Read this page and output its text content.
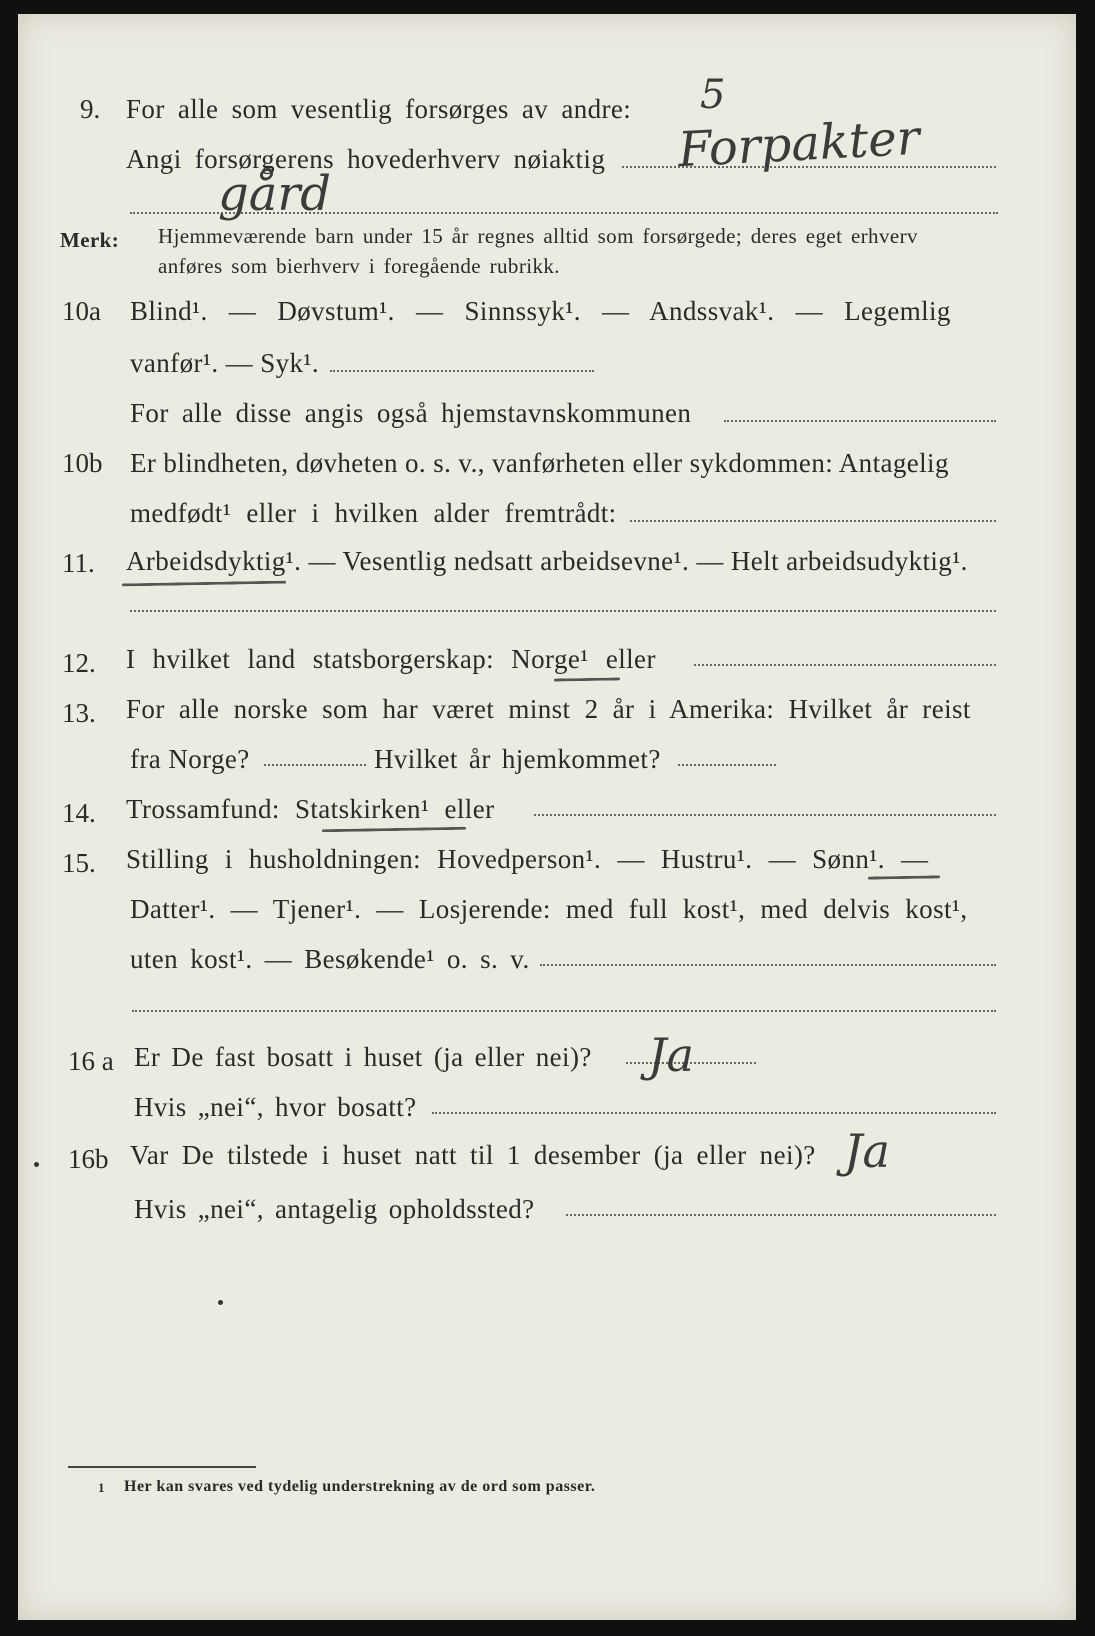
9. For alle som vesentlig forsørges av andre: 5
Angi forsørgerens hovederhverv nøiaktig Forpakter
gård
Merk: Hjemmeværende barn under 15 år regnes alltid som forsørgede; deres eget erhverv
anføres som bierhverv i foregående rubrikk.
10a Blind¹. — Døvstum¹. — Sinnssyk¹. — Andssvak¹. — Legemlig
vanfør¹. — Syk¹.
For alle disse angis også hjemstavnskommunen
10b Er blindheten, døvheten o. s. v., vanførheten eller sykdommen: Antagelig
medfødt¹ eller i hvilken alder fremtrådt:
11. Arbeidsdyktig¹. — Vesentlig nedsatt arbeidsevne¹. — Helt arbeidsudyktig¹.
12. I hvilket land statsborgerskap: Norge¹ eller
13. For alle norske som har været minst 2 år i Amerika: Hvilket år reist
fra Norge?	Hvilket år hjemkommet?
14. Trossamfund: Statskirken¹ eller
15. Stilling i husholdningen: Hovedperson¹. — Hustru¹. — Sønn¹. —
Datter¹. — Tjener¹. — Losjerende: med full kost¹, med delvis kost¹,
uten kost¹. — Besøkende¹ o. s. v.
16 a Er De fast bosatt i huset (ja eller nei)? Ja
Hvis „nei“, hvor bosatt?
16b Var De tilstede i huset natt til 1 desember (ja eller nei)? Ja
Hvis „nei“, antagelig opholdssted?
1 Her kan svares ved tydelig understrekning av de ord som passer.
